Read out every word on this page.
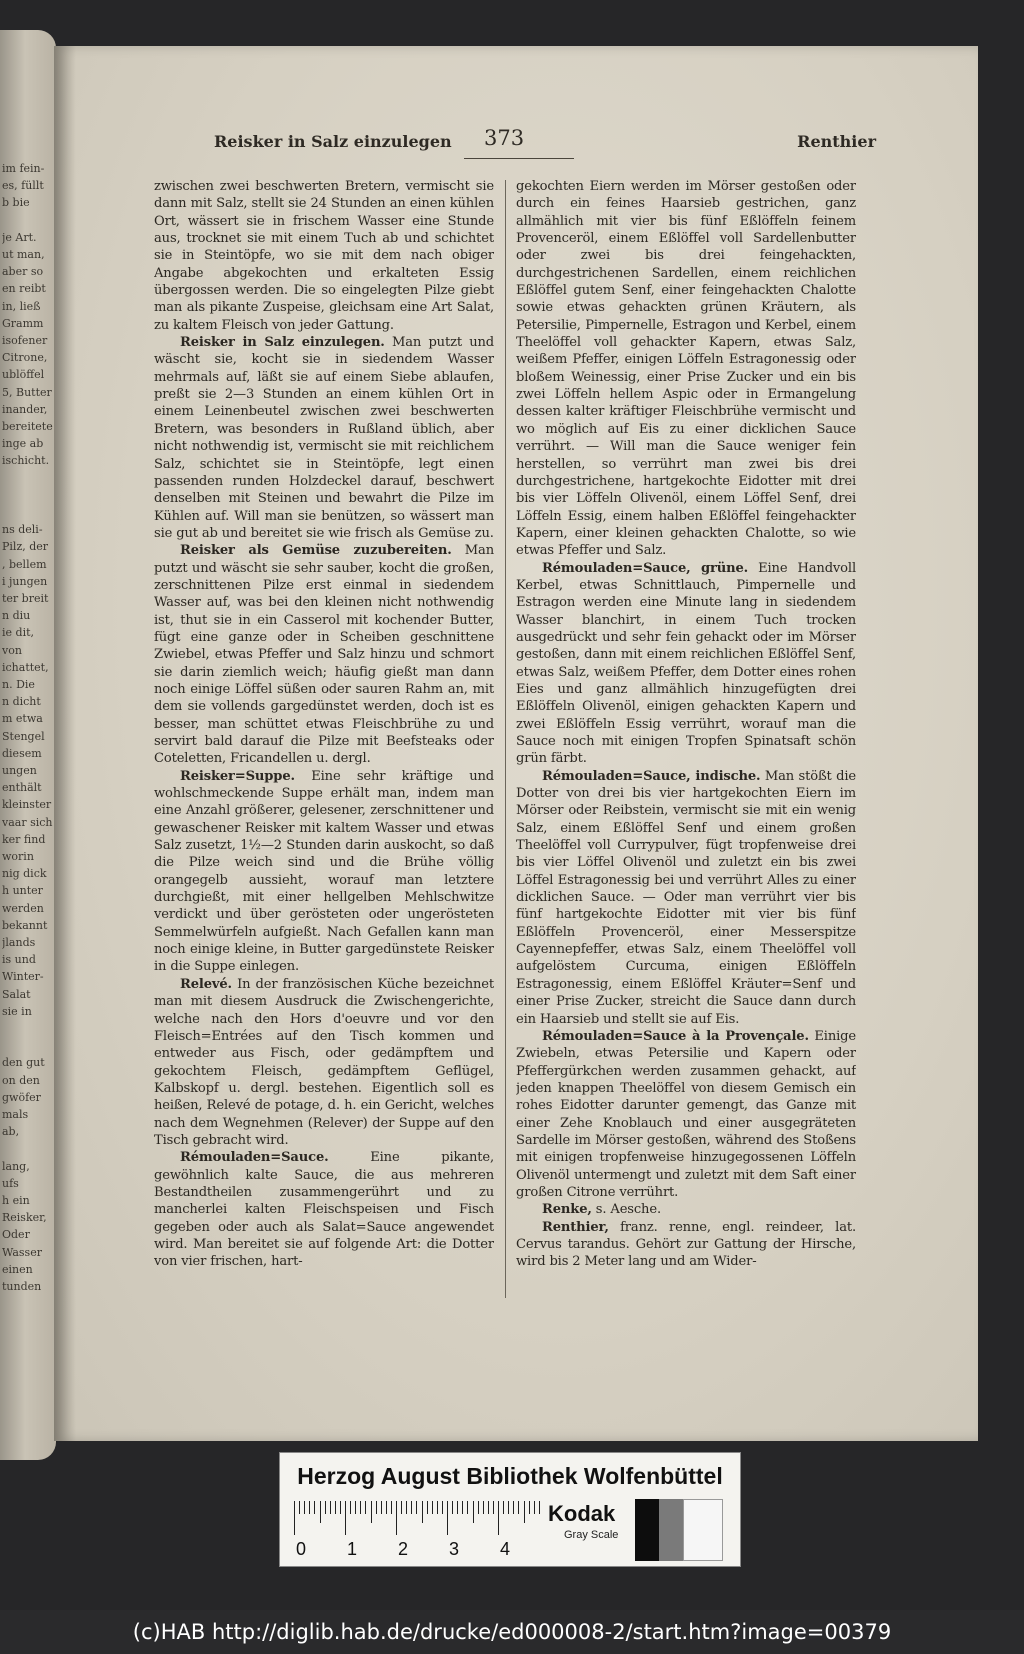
im fein-
es, füllt
b bie
je Art.
ut man,
aber so
en reibt
in, ließ
Gramm
isofener
Citrone,
ublöffel
5, Butter
inander,
bereitete
inge ab
ischicht.
ns deli-
Pilz, der
, bellem
i jungen
ter breit
n diu
ie dit,
von
ichattet,
n. Die
n dicht
m etwa
Stengel
diesem
ungen
enthält
kleinster
vaar sich
ker find
worin
nig dick
h unter
werden
bekannt
jlands
is und
Winter-
Salat
sie in
den gut
on den
gwöfer
mals
ab,
lang,
ufs
h ein
Reisker,
Oder
Wasser
einen
tunden
Reisker in Salz einzulegen 373	Renthier

zwischen zwei beschwerten Bretern, vermischt sie dann mit Salz, stellt sie 24 Stunden an einen kühlen Ort, wässert sie in frischem Wasser eine Stunde aus, trocknet sie mit einem Tuch ab und schichtet sie in Steintöpfe, wo sie mit dem nach obiger Angabe abgekochten und erkalteten Essig übergossen werden. Die so eingelegten Pilze giebt man als pikante Zuspeise, gleichsam eine Art Salat, zu kaltem Fleisch von jeder Gattung.

Reisker in Salz einzulegen. Man putzt und wäscht sie, kocht sie in siedendem Wasser mehrmals auf, läßt sie auf einem Siebe ablaufen, preßt sie 2—3 Stunden an einem kühlen Ort in einem Leinenbeutel zwischen zwei beschwerten Bretern, was besonders in Rußland üblich, aber nicht nothwendig ist, vermischt sie mit reichlichem Salz, schichtet sie in Steintöpfe, legt einen passenden runden Holzdeckel darauf, beschwert denselben mit Steinen und bewahrt die Pilze im Kühlen auf. Will man sie benützen, so wässert man sie gut ab und bereitet sie wie frisch als Gemüse zu.

Reisker als Gemüse zuzubereiten. Man putzt und wäscht sie sehr sauber, kocht die großen, zerschnittenen Pilze erst einmal in siedendem Wasser auf, was bei den kleinen nicht nothwendig ist, thut sie in ein Casserol mit kochender Butter, fügt eine ganze oder in Scheiben geschnittene Zwiebel, etwas Pfeffer und Salz hinzu und schmort sie darin ziemlich weich; häufig gießt man dann noch einige Löffel süßen oder sauren Rahm an, mit dem sie vollends gargedünstet werden, doch ist es besser, man schüttet etwas Fleischbrühe zu und servirt bald darauf die Pilze mit Beefsteaks oder Coteletten, Fricandellen u. dergl.

Reisker=Suppe. Eine sehr kräftige und wohlschmeckende Suppe erhält man, indem man eine Anzahl größerer, gelesener, zerschnittener und gewaschener Reisker mit kaltem Wasser und etwas Salz zusetzt, 1½—2 Stunden darin auskocht, so daß die Pilze weich sind und die Brühe völlig orangegelb aussieht, worauf man letztere durchgießt, mit einer hellgelben Mehlschwitze verdickt und über gerösteten oder ungerösteten Semmelwürfeln aufgießt. Nach Gefallen kann man noch einige kleine, in Butter gargedünstete Reisker in die Suppe einlegen.

Relevé. In der französischen Küche bezeichnet man mit diesem Ausdruck die Zwischengerichte, welche nach den Hors d'oeuvre und vor den Fleisch=Entrées auf den Tisch kommen und entweder aus Fisch, oder gedämpftem und gekochtem Fleisch, gedämpftem Geflügel, Kalbskopf u. dergl. bestehen. Eigentlich soll es heißen, Relevé de potage, d. h. ein Gericht, welches nach dem Wegnehmen (Relever) der Suppe auf den Tisch gebracht wird.

Rémouladen=Sauce. Eine pikante, gewöhnlich kalte Sauce, die aus mehreren Bestandtheilen zusammengerührt und zu mancherlei kalten Fleischspeisen und Fisch gegeben oder auch als Salat=Sauce angewendet wird. Man bereitet sie auf folgende Art: die Dotter von vier frischen, hart-

gekochten Eiern werden im Mörser gestoßen oder durch ein feines Haarsieb gestrichen, ganz allmählich mit vier bis fünf Eßlöffeln feinem Provenceröl, einem Eßlöffel voll Sardellenbutter oder zwei bis drei feingehackten, durchgestrichenen Sardellen, einem reichlichen Eßlöffel gutem Senf, einer feingehackten Chalotte sowie etwas gehackten grünen Kräutern, als Petersilie, Pimpernelle, Estragon und Kerbel, einem Theelöffel voll gehackter Kapern, etwas Salz, weißem Pfeffer, einigen Löffeln Estragonessig oder bloßem Weinessig, einer Prise Zucker und ein bis zwei Löffeln hellem Aspic oder in Ermangelung dessen kalter kräftiger Fleischbrühe vermischt und wo möglich auf Eis zu einer dicklichen Sauce verrührt. — Will man die Sauce weniger fein herstellen, so verrührt man zwei bis drei durchgestrichene, hartgekochte Eidotter mit drei bis vier Löffeln Olivenöl, einem Löffel Senf, drei Löffeln Essig, einem halben Eßlöffel feingehackter Kapern, einer kleinen gehackten Chalotte, so wie etwas Pfeffer und Salz.

Rémouladen=Sauce, grüne. Eine Handvoll Kerbel, etwas Schnittlauch, Pimpernelle und Estragon werden eine Minute lang in siedendem Wasser blanchirt, in einem Tuch trocken ausgedrückt und sehr fein gehackt oder im Mörser gestoßen, dann mit einem reichlichen Eßlöffel Senf, etwas Salz, weißem Pfeffer, dem Dotter eines rohen Eies und ganz allmählich hinzugefügten drei Eßlöffeln Olivenöl, einigen gehackten Kapern und zwei Eßlöffeln Essig verrührt, worauf man die Sauce noch mit einigen Tropfen Spinatsaft schön grün färbt.

Rémouladen=Sauce, indische. Man stößt die Dotter von drei bis vier hartgekochten Eiern im Mörser oder Reibstein, vermischt sie mit ein wenig Salz, einem Eßlöffel Senf und einem großen Theelöffel voll Currypulver, fügt tropfenweise drei bis vier Löffel Olivenöl und zuletzt ein bis zwei Löffel Estragonessig bei und verrührt Alles zu einer dicklichen Sauce. — Oder man verrührt vier bis fünf hartgekochte Eidotter mit vier bis fünf Eßlöffeln Provenceröl, einer Messerspitze Cayennepfeffer, etwas Salz, einem Theelöffel voll aufgelöstem Curcuma, einigen Eßlöffeln Estragonessig, einem Eßlöffel Kräuter=Senf und einer Prise Zucker, streicht die Sauce dann durch ein Haarsieb und stellt sie auf Eis.

Rémouladen=Sauce à la Provençale. Einige Zwiebeln, etwas Petersilie und Kapern oder Pfeffergürkchen werden zusammen gehackt, auf jeden knappen Theelöffel von diesem Gemisch ein rohes Eidotter darunter gemengt, das Ganze mit einer Zehe Knoblauch und einer ausgegräteten Sardelle im Mörser gestoßen, während des Stoßens mit einigen tropfenweise hinzugegossenen Löffeln Olivenöl untermengt und zuletzt mit dem Saft einer großen Citrone verrührt.

Renke, s. Aesche.

Renthier, franz. renne, engl. reindeer, lat. Cervus tarandus. Gehört zur Gattung der Hirsche, wird bis 2 Meter lang und am Wider-

Herzog August Bibliothek Wolfenbüttel
0 1 2 3 4
Kodak
Gray Scale
(c)HAB http://diglib.hab.de/drucke/ed000008-2/start.htm?image=00379
